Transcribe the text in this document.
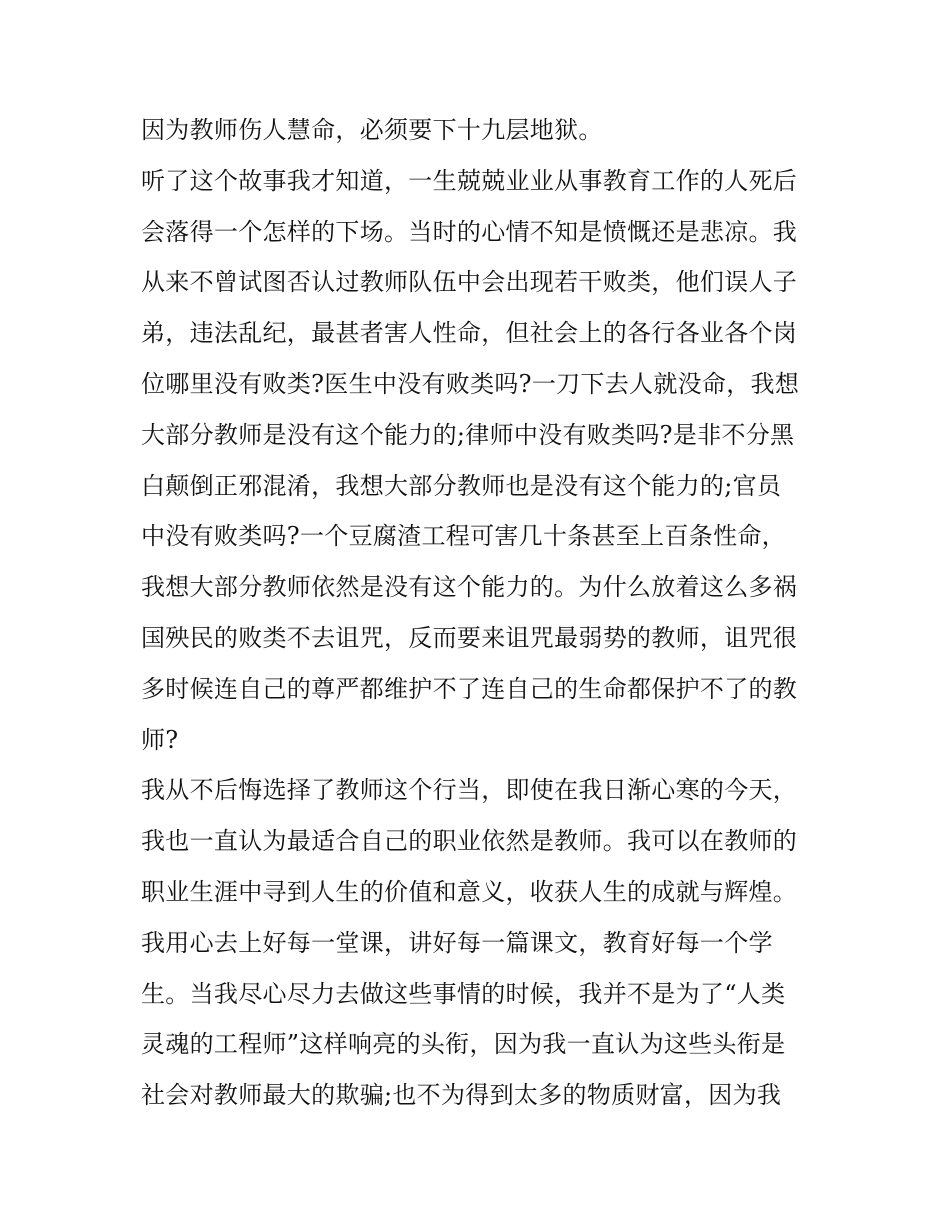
因为教师伤人慧命，必须要下十九层地狱。
听了这个故事我才知道，一生兢兢业业从事教育工作的人死后
会落得一个怎样的下场。当时的心情不知是愤慨还是悲凉。我
从来不曾试图否认过教师队伍中会出现若干败类，他们误人子
弟，违法乱纪，最甚者害人性命，但社会上的各行各业各个岗
位哪里没有败类?医生中没有败类吗?一刀下去人就没命，我想
大部分教师是没有这个能力的;律师中没有败类吗?是非不分黑
白颠倒正邪混淆，我想大部分教师也是没有这个能力的;官员
中没有败类吗?一个豆腐渣工程可害几十条甚至上百条性命，
我想大部分教师依然是没有这个能力的。为什么放着这么多祸
国殃民的败类不去诅咒，反而要来诅咒最弱势的教师，诅咒很
多时候连自己的尊严都维护不了连自己的生命都保护不了的教
师?
我从不后悔选择了教师这个行当，即使在我日渐心寒的今天，
我也一直认为最适合自己的职业依然是教师。我可以在教师的
职业生涯中寻到人生的价值和意义，收获人生的成就与辉煌。
我用心去上好每一堂课，讲好每一篇课文，教育好每一个学
生。当我尽心尽力去做这些事情的时候，我并不是为了“人类
灵魂的工程师”这样响亮的头衔，因为我一直认为这些头衔是
社会对教师最大的欺骗;也不为得到太多的物质财富，因为我
